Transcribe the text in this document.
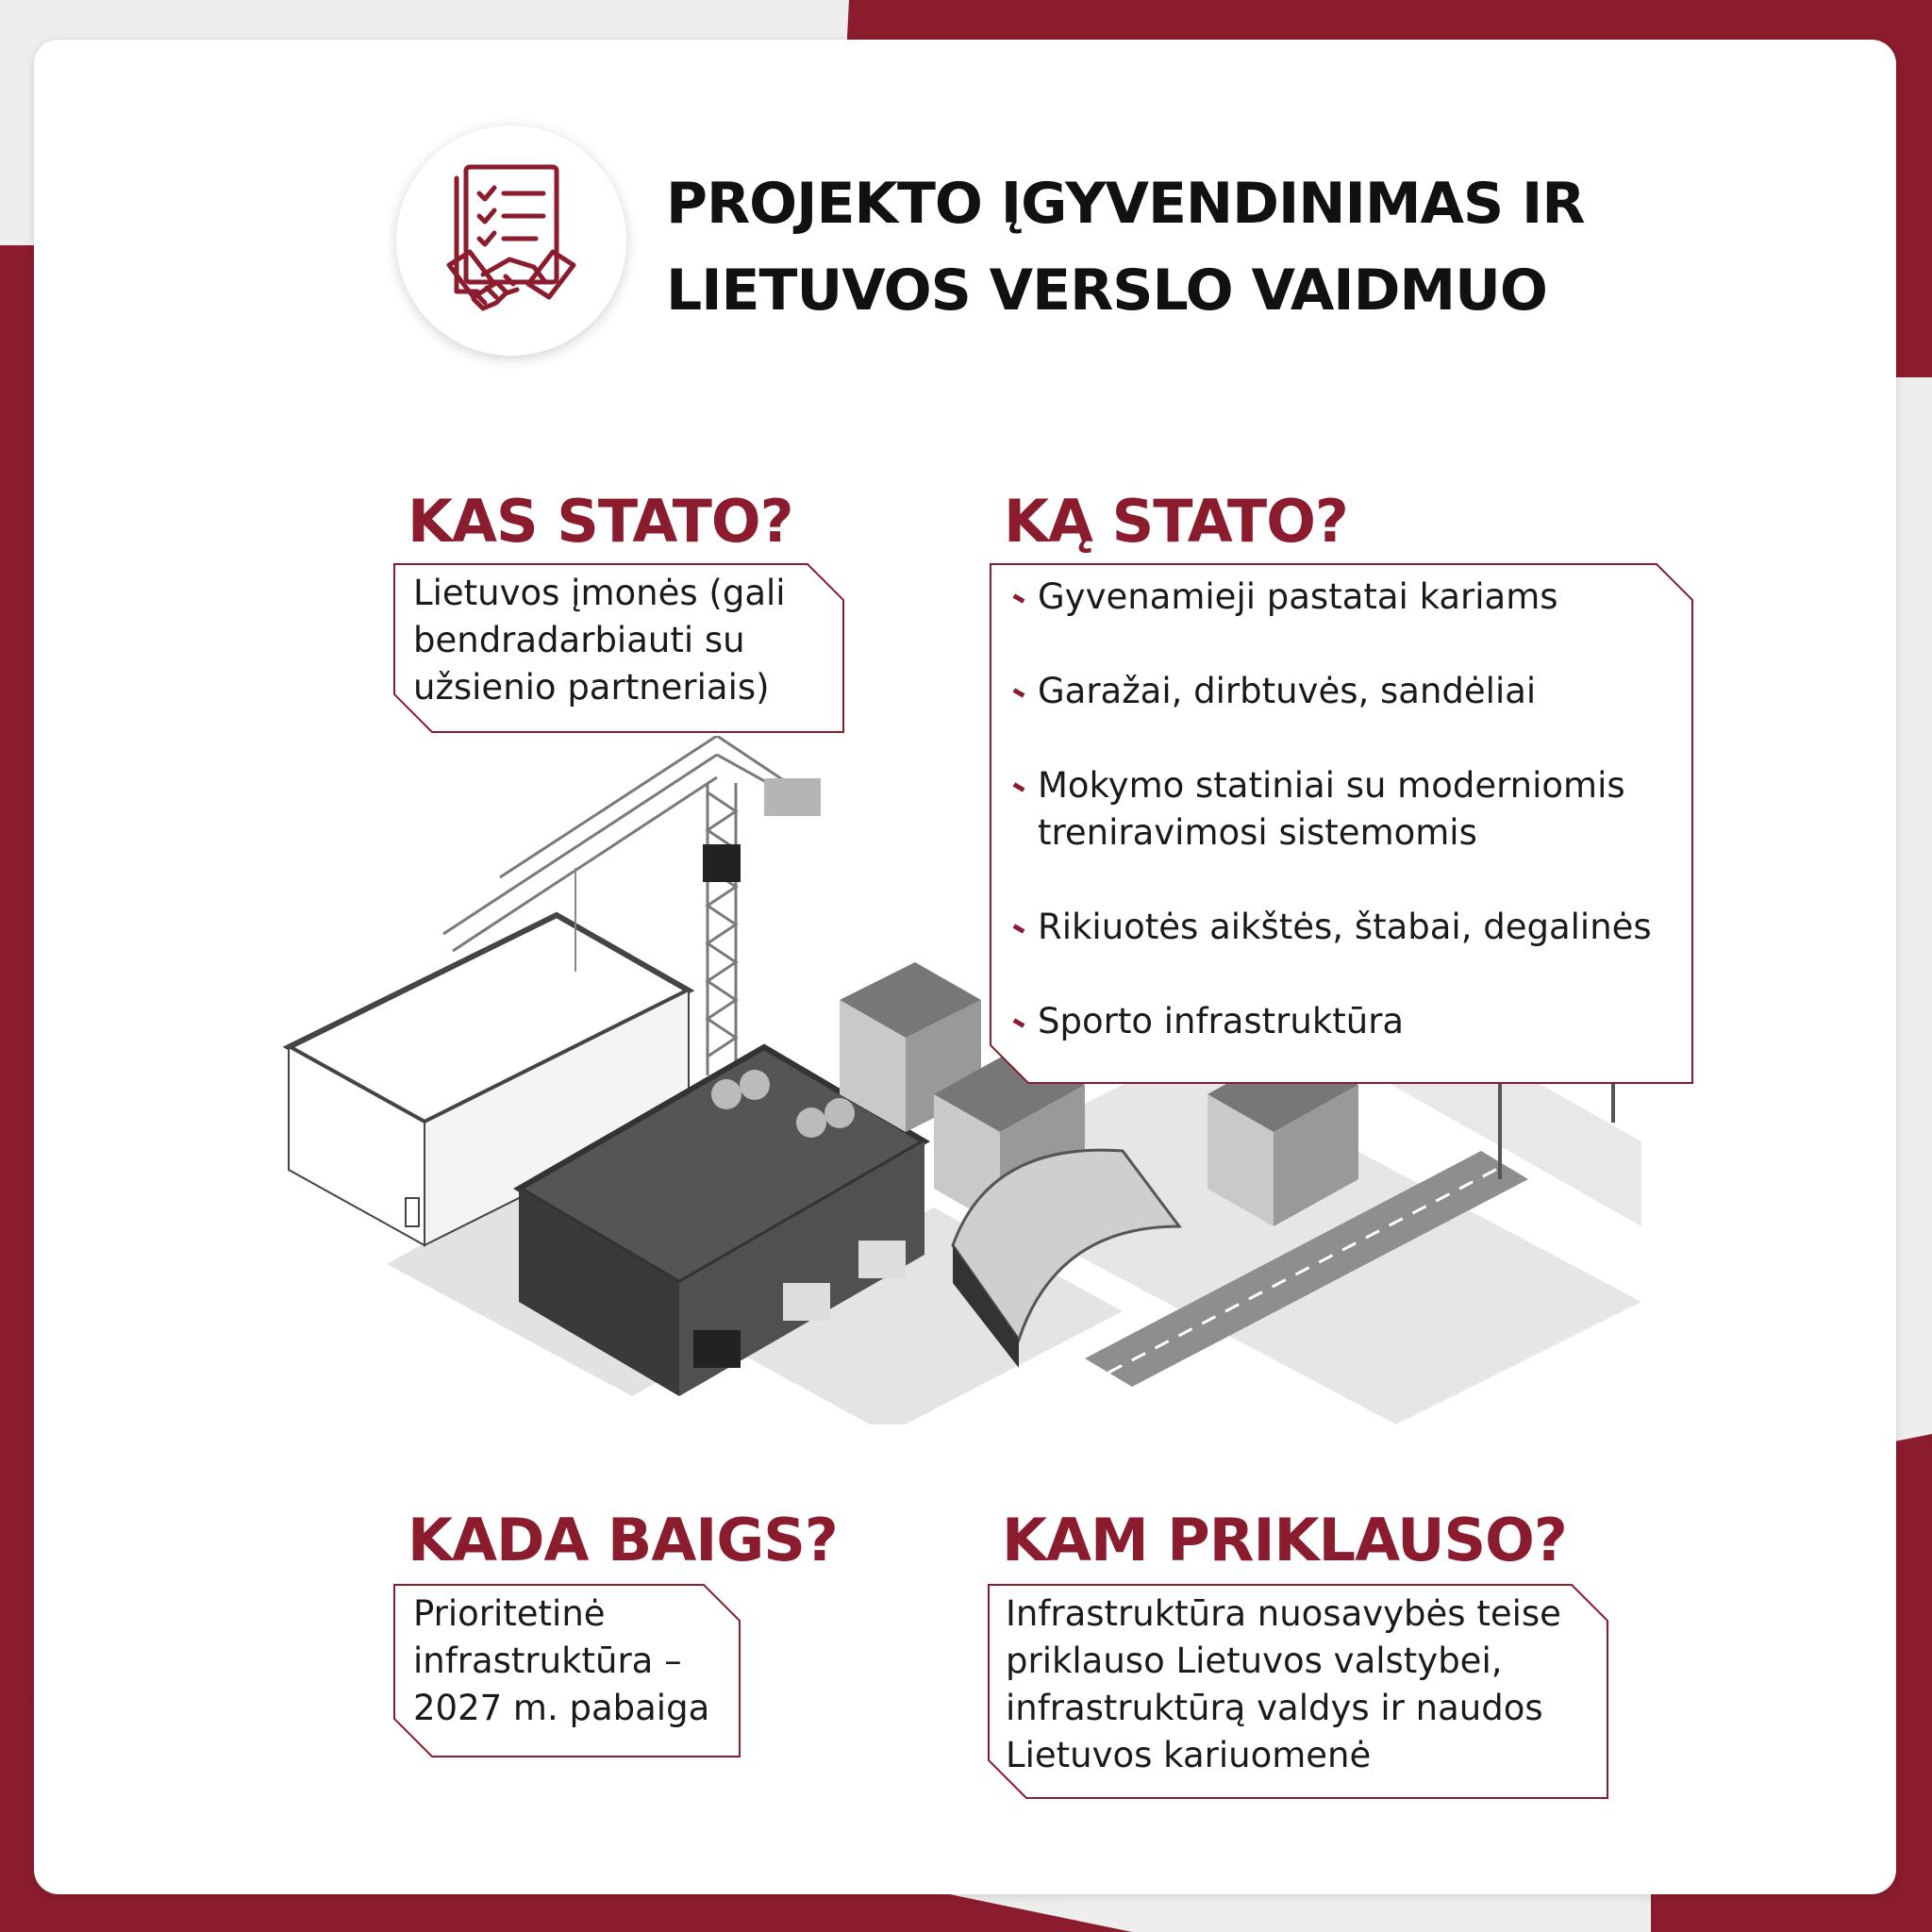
PROJEKTO ĮGYVENDINIMAS IR
LIETUVOS VERSLO VAIDMUO
KAS STATO?
Lietuvos įmonės (gali
bendradarbiauti su
užsienio partneriais)
KĄ STATO?
Gyvenamieji pastatai kariams
Garažai, dirbtuvės, sandėliai
Mokymo statiniai su moderniomis
treniravimosi sistemomis
Rikiuotės aikštės, štabai, degalinės
Sporto infrastruktūra
KADA BAIGS?
Prioritetinė
infrastruktūra –
2027 m. pabaiga
KAM PRIKLAUSO?
Infrastruktūra nuosavybės teise
priklauso Lietuvos valstybei,
infrastruktūrą valdys ir naudos
Lietuvos kariuomenė
